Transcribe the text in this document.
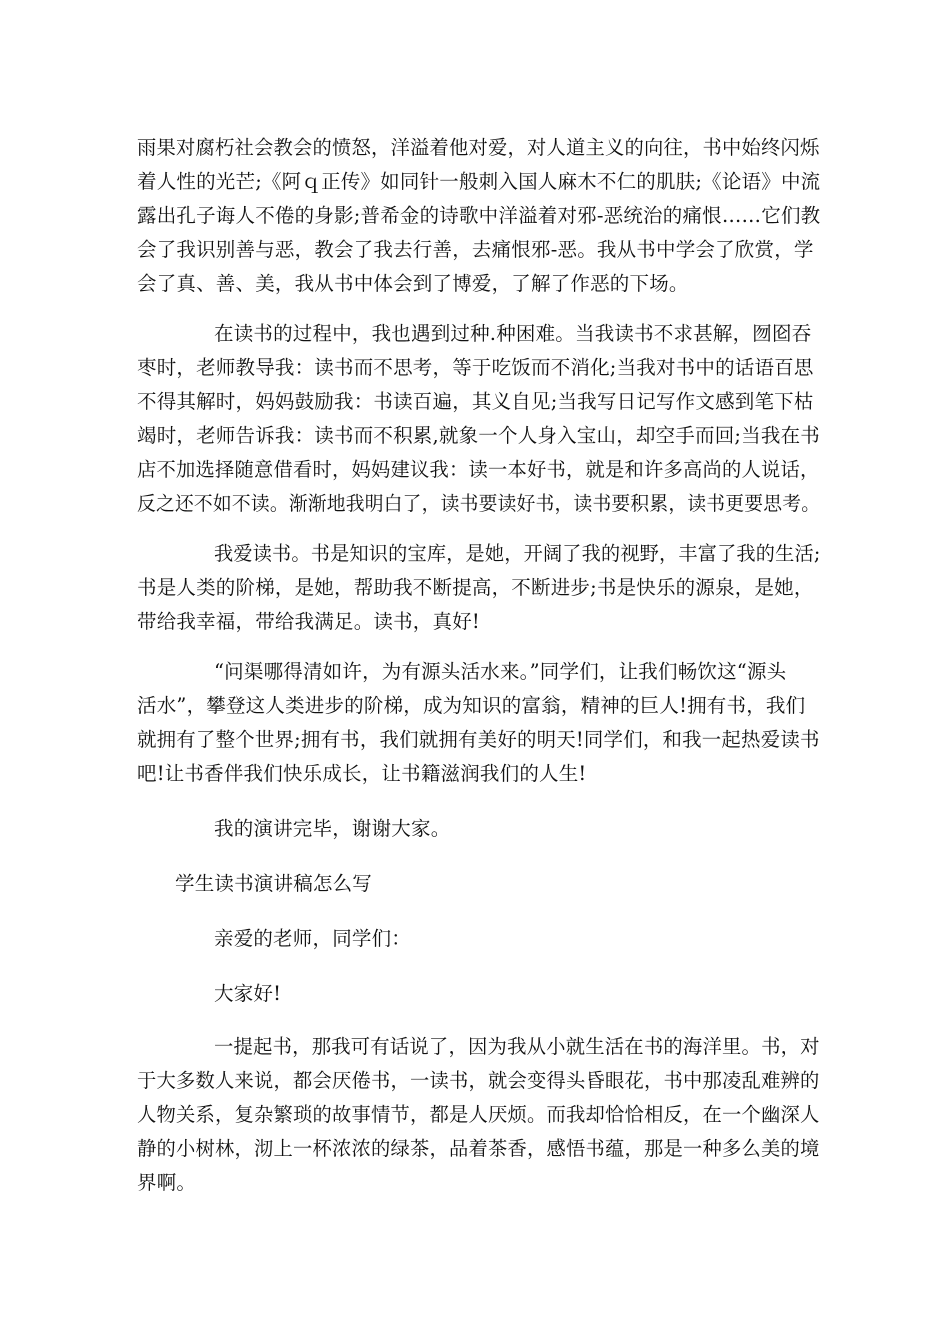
雨果对腐朽社会教会的愤怒，洋溢着他对爱，对人道主义的向往，书中始终闪烁
着人性的光芒;《阿ｑ正传》如同针一般刺入国人麻木不仁的肌肤;《论语》中流
露出孔子诲人不倦的身影;普希金的诗歌中洋溢着对邪-恶统治的痛恨……它们教
会了我识别善与恶，教会了我去行善，去痛恨邪-恶。我从书中学会了欣赏，学
会了真、善、美，我从书中体会到了博爱，了解了作恶的下场。
在读书的过程中，我也遇到过种.种困难。当我读书不求甚解，囫囵吞
枣时，老师教导我：读书而不思考，等于吃饭而不消化;当我对书中的话语百思
不得其解时，妈妈鼓励我：书读百遍，其义自见;当我写日记写作文感到笔下枯
竭时，老师告诉我：读书而不积累,就象一个人身入宝山，却空手而回;当我在书
店不加选择随意借看时，妈妈建议我：读一本好书，就是和许多高尚的人说话，
反之还不如不读。渐渐地我明白了，读书要读好书，读书要积累，读书更要思考。
我爱读书。书是知识的宝库，是她，开阔了我的视野，丰富了我的生活;
书是人类的阶梯，是她，帮助我不断提高，不断进步;书是快乐的源泉，是她，
带给我幸福，带给我满足。读书，真好!
“问渠哪得清如许，为有源头活水来。”同学们，让我们畅饮这“源头
活水”，攀登这人类进步的阶梯，成为知识的富翁，精神的巨人!拥有书，我们
就拥有了整个世界;拥有书，我们就拥有美好的明天!同学们，和我一起热爱读书
吧!让书香伴我们快乐成长，让书籍滋润我们的人生!
我的演讲完毕，谢谢大家。
学生读书演讲稿怎么写
亲爱的老师，同学们：
大家好!
一提起书，那我可有话说了，因为我从小就生活在书的海洋里。书，对
于大多数人来说，都会厌倦书，一读书，就会变得头昏眼花，书中那凌乱难辨的
人物关系，复杂繁琐的故事情节，都是人厌烦。而我却恰恰相反，在一个幽深人
静的小树林，沏上一杯浓浓的绿茶，品着茶香，感悟书蕴，那是一种多么美的境
界啊。
